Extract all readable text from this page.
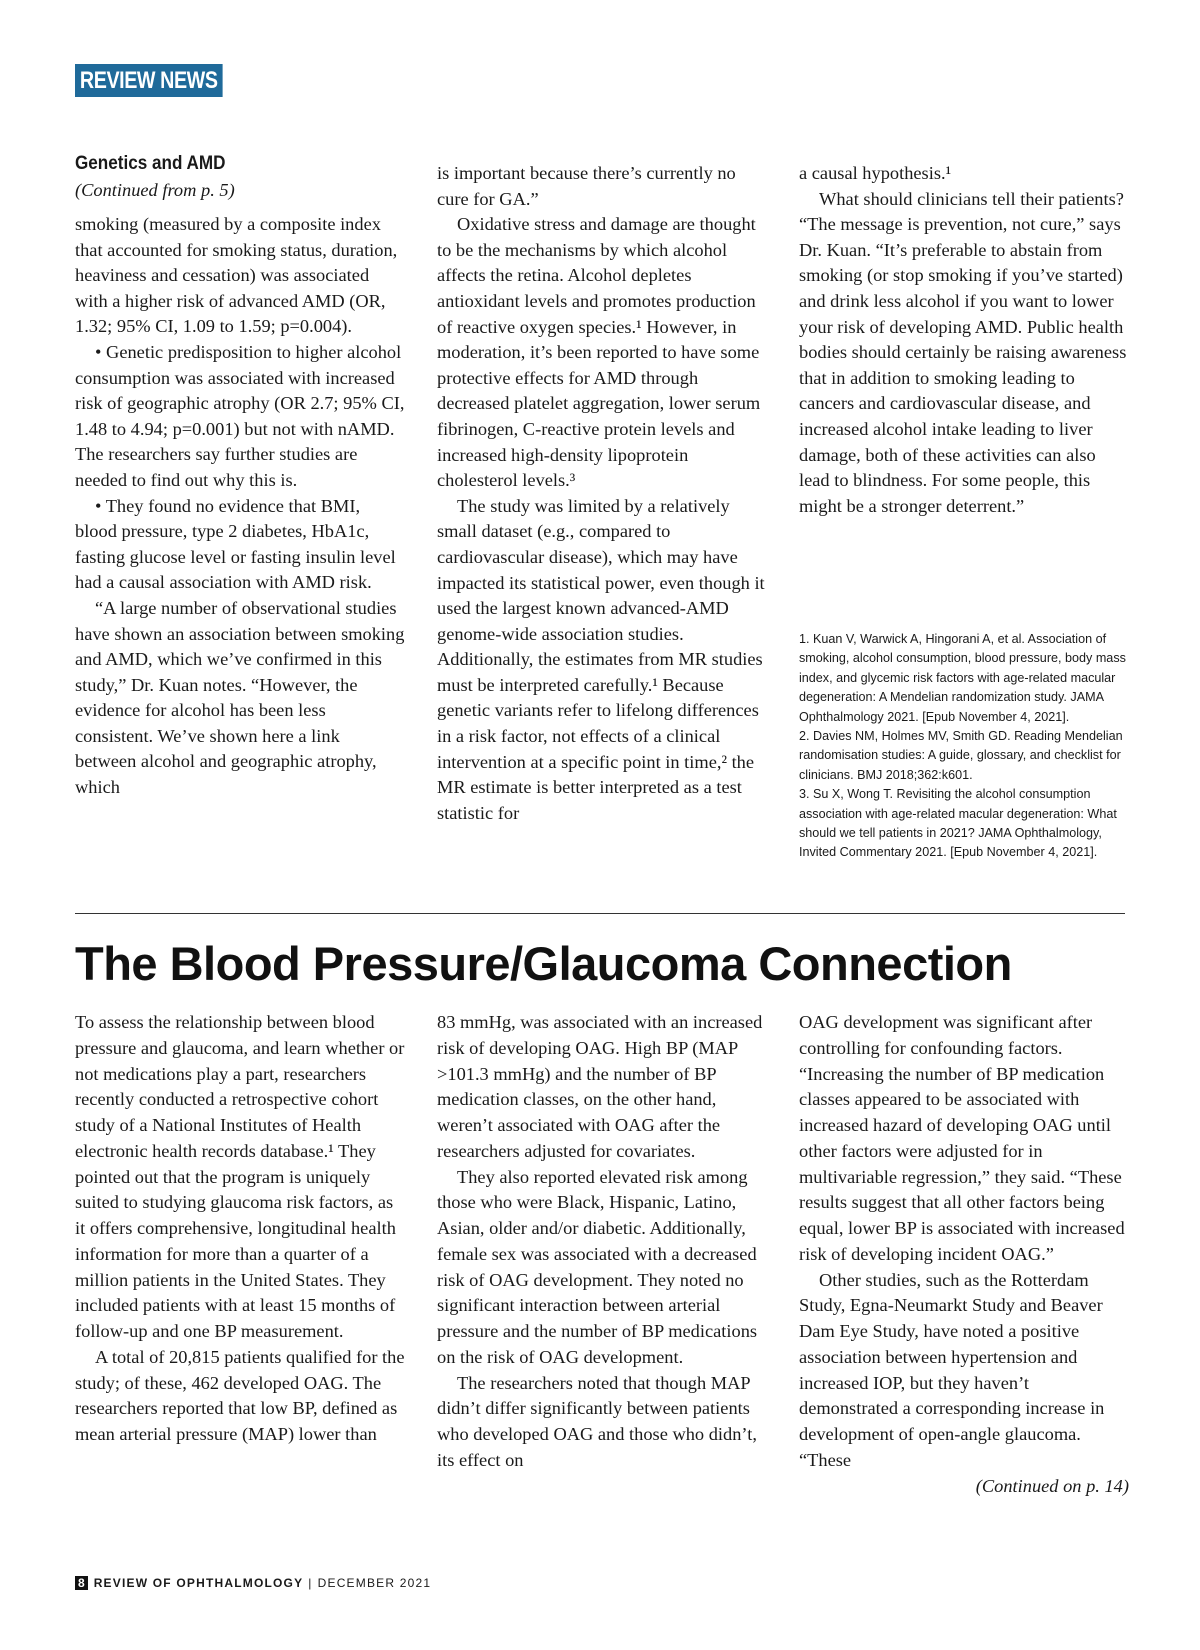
REVIEW NEWS
Genetics and AMD
(Continued from p. 5)

smoking (measured by a composite index that accounted for smoking status, duration, heaviness and cessation) was associated with a higher risk of advanced AMD (OR, 1.32; 95% CI, 1.09 to 1.59; p=0.004).

• Genetic predisposition to higher alcohol consumption was associated with increased risk of geographic atrophy (OR 2.7; 95% CI, 1.48 to 4.94; p=0.001) but not with nAMD. The researchers say further studies are needed to find out why this is.

• They found no evidence that BMI, blood pressure, type 2 diabetes, HbA1c, fasting glucose level or fasting insulin level had a causal association with AMD risk.

“A large number of observational studies have shown an association between smoking and AMD, which we’ve confirmed in this study,” Dr. Kuan notes. “However, the evidence for alcohol has been less consistent. We’ve shown here a link between alcohol and geographic atrophy, which

is important because there’s currently no cure for GA.”

Oxidative stress and damage are thought to be the mechanisms by which alcohol affects the retina. Alcohol depletes antioxidant levels and promotes production of reactive oxygen species.¹ However, in moderation, it’s been reported to have some protective effects for AMD through decreased platelet aggregation, lower serum fibrinogen, C-reactive protein levels and increased high-density lipoprotein cholesterol levels.³

The study was limited by a relatively small dataset (e.g., compared to cardiovascular disease), which may have impacted its statistical power, even though it used the largest known advanced-AMD genome-wide association studies. Additionally, the estimates from MR studies must be interpreted carefully.¹ Because genetic variants refer to lifelong differences in a risk factor, not effects of a clinical intervention at a specific point in time,² the MR estimate is better interpreted as a test statistic for

a causal hypothesis.¹

What should clinicians tell their patients? “The message is prevention, not cure,” says Dr. Kuan. “It’s preferable to abstain from smoking (or stop smoking if you’ve started) and drink less alcohol if you want to lower your risk of developing AMD. Public health bodies should certainly be raising awareness that in addition to smoking leading to cancers and cardiovascular disease, and increased alcohol intake leading to liver damage, both of these activities can also lead to blindness. For some people, this might be a stronger deterrent.”

1. Kuan V, Warwick A, Hingorani A, et al. Association of smoking, alcohol consumption, blood pressure, body mass index, and glycemic risk factors with age-related macular degeneration: A Mendelian randomization study. JAMA Ophthalmology 2021. [Epub November 4, 2021].
2. Davies NM, Holmes MV, Smith GD. Reading Mendelian randomisation studies: A guide, glossary, and checklist for clinicians. BMJ 2018;362:k601.
3. Su X, Wong T. Revisiting the alcohol consumption association with age-related macular degeneration: What should we tell patients in 2021? JAMA Ophthalmology, Invited Commentary 2021. [Epub November 4, 2021].
The Blood Pressure/Glaucoma Connection

To assess the relationship between blood pressure and glaucoma, and learn whether or not medications play a part, researchers recently conducted a retrospective cohort study of a National Institutes of Health electronic health records database.¹ They pointed out that the program is uniquely suited to studying glaucoma risk factors, as it offers comprehensive, longitudinal health information for more than a quarter of a million patients in the United States. They included patients with at least 15 months of follow-up and one BP measurement.

A total of 20,815 patients qualified for the study; of these, 462 developed OAG. The researchers reported that low BP, defined as mean arterial pressure (MAP) lower than

83 mmHg, was associated with an increased risk of developing OAG. High BP (MAP >101.3 mmHg) and the number of BP medication classes, on the other hand, weren’t associated with OAG after the researchers adjusted for covariates.

They also reported elevated risk among those who were Black, Hispanic, Latino, Asian, older and/or diabetic. Additionally, female sex was associated with a decreased risk of OAG development. They noted no significant interaction between arterial pressure and the number of BP medications on the risk of OAG development.

The researchers noted that though MAP didn’t differ significantly between patients who developed OAG and those who didn’t, its effect on

OAG development was significant after controlling for confounding factors. “Increasing the number of BP medication classes appeared to be associated with increased hazard of developing OAG until other factors were adjusted for in multivariable regression,” they said. “These results suggest that all other factors being equal, lower BP is associated with increased risk of developing incident OAG.”

Other studies, such as the Rotterdam Study, Egna-Neumarkt Study and Beaver Dam Eye Study, have noted a positive association between hypertension and increased IOP, but they haven’t demonstrated a corresponding increase in development of open-angle glaucoma. “These

(Continued on p. 14)

8 REVIEW OF OPHTHALMOLOGY | DECEMBER 2021
